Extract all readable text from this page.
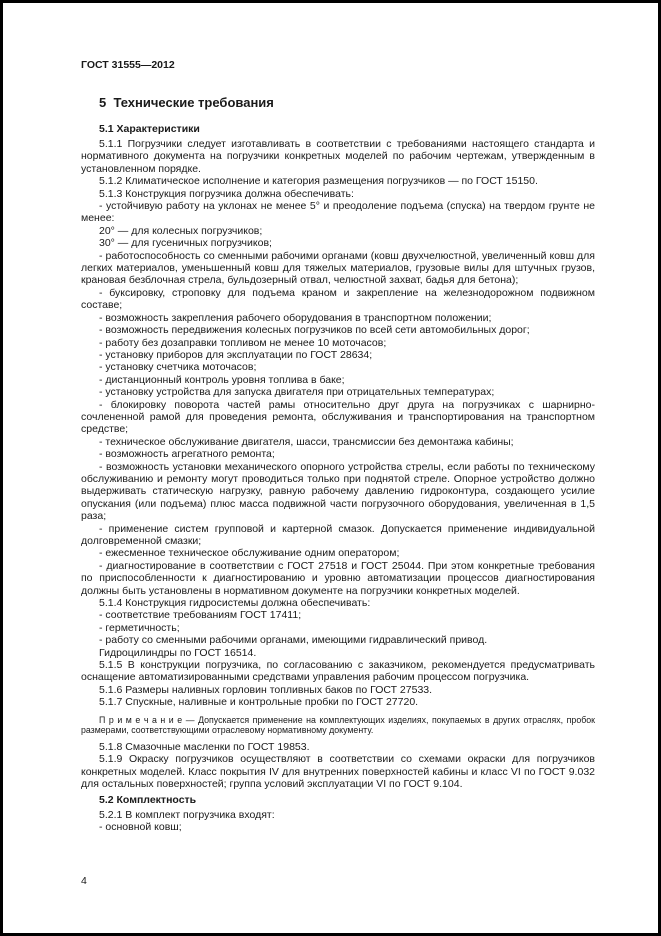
ГОСТ 31555—2012

5  Технические требования

5.1 Характеристики

5.1.1 Погрузчики следует изготавливать в соответствии с требованиями настоящего стандарта и нормативного документа на погрузчики конкретных моделей по рабочим чертежам, утвержденным в установленном порядке.

5.1.2 Климатическое исполнение и категория размещения погрузчиков — по ГОСТ 15150.

5.1.3 Конструкция погрузчика должна обеспечивать:

- устойчивую работу на уклонах не менее 5° и преодоление подъема (спуска) на твердом грунте не менее:

20° — для колесных погрузчиков;

30° — для гусеничных погрузчиков;

- работоспособность со сменными рабочими органами (ковш двухчелюстной, увеличенный ковш для легких материалов, уменьшенный ковш для тяжелых материалов, грузовые вилы для штучных грузов, крановая безблочная стрела, бульдозерный отвал, челюстной захват, бадья для бетона);

- буксировку, строповку для подъема краном и закрепление на железнодорожном подвижном составе;

- возможность закрепления рабочего оборудования в транспортном положении;

- возможность передвижения колесных погрузчиков по всей сети автомобильных дорог;

- работу без дозаправки топливом не менее 10 моточасов;

- установку приборов для эксплуатации по ГОСТ 28634;

- установку счетчика моточасов;

- дистанционный контроль уровня топлива в баке;

- установку устройства для запуска двигателя при отрицательных температурах;

- блокировку поворота частей рамы относительно друг друга на погрузчиках с шарнирно-сочлененной рамой для проведения ремонта, обслуживания и транспортирования на транспортном средстве;

- техническое обслуживание двигателя, шасси, трансмиссии без демонтажа кабины;

- возможность агрегатного ремонта;

- возможность установки механического опорного устройства стрелы, если работы по техническому обслуживанию и ремонту могут проводиться только при поднятой стреле. Опорное устройство должно выдерживать статическую нагрузку, равную рабочему давлению гидроконтура, создающего усилие опускания (или подъема) плюс масса подвижной части погрузочного оборудования, увеличенная в 1,5 раза;

- применение систем групповой и картерной смазок. Допускается применение индивидуальной долговременной смазки;

- ежесменное техническое обслуживание одним оператором;

- диагностирование в соответствии с ГОСТ 27518 и ГОСТ 25044. При этом конкретные требования по приспособленности к диагностированию и уровню автоматизации процессов диагностирования должны быть установлены в нормативном документе на погрузчики конкретных моделей.

5.1.4 Конструкция гидросистемы должна обеспечивать:

- соответствие требованиям ГОСТ 17411;

- герметичность;

- работу со сменными рабочими органами, имеющими гидравлический привод.

Гидроцилиндры по ГОСТ 16514.

5.1.5 В конструкции погрузчика, по согласованию с заказчиком, рекомендуется предусматривать оснащение автоматизированными средствами управления рабочим процессом погрузчика.

5.1.6 Размеры наливных горловин топливных баков по ГОСТ 27533.

5.1.7 Спускные, наливные и контрольные пробки по ГОСТ 27720.

П р и м е ч а н и е — Допускается применение на комплектующих изделиях, покупаемых в других отраслях, пробок размерами, соответствующими отраслевому нормативному документу.

5.1.8 Смазочные масленки по ГОСТ 19853.

5.1.9 Окраску погрузчиков осуществляют в соответствии со схемами окраски для погрузчиков конкретных моделей. Класс покрытия IV для внутренних поверхностей кабины и класс VI по ГОСТ 9.032 для остальных поверхностей; группа условий эксплуатации VI по ГОСТ 9.104.

5.2 Комплектность

5.2.1 В комплект погрузчика входят:

- основной ковш;

4
